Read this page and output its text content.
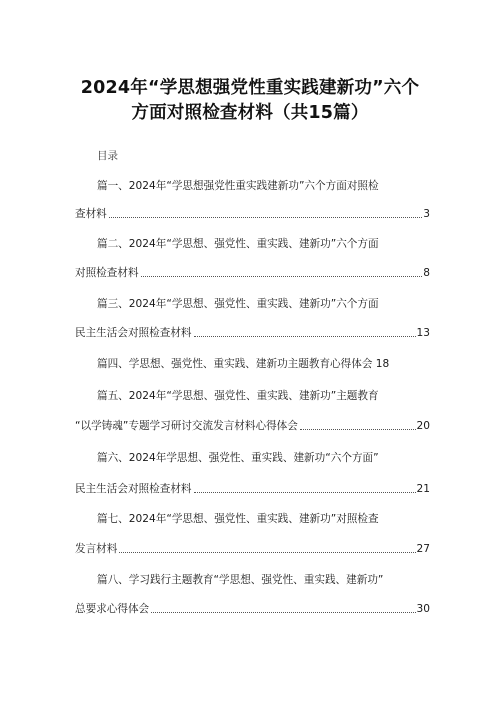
2024年“学思想强党性重实践建新功”六个
方面对照检查材料（共15篇）
目录
篇一、2024年“学思想强党性重实践建新功”六个方面对照检
查材料	3
篇二、2024年“学思想、强党性、重实践、建新功”六个方面
对照检查材料	8
篇三、2024年“学思想、强党性、重实践、建新功”六个方面
民主生活会对照检查材料	13
篇四、学思想、强党性、重实践、建新功主题教育心得体会 18
篇五、2024年“学思想、强党性、重实践、建新功”主题教育
“以学铸魂”专题学习研讨交流发言材料心得体会	20
篇六、2024年学思想、强党性、重实践、建新功“六个方面”
民主生活会对照检查材料	21
篇七、2024年“学思想、强党性、重实践、建新功”对照检查
发言材料	27
篇八、学习践行主题教育“学思想、强党性、重实践、建新功”
总要求心得体会	30
